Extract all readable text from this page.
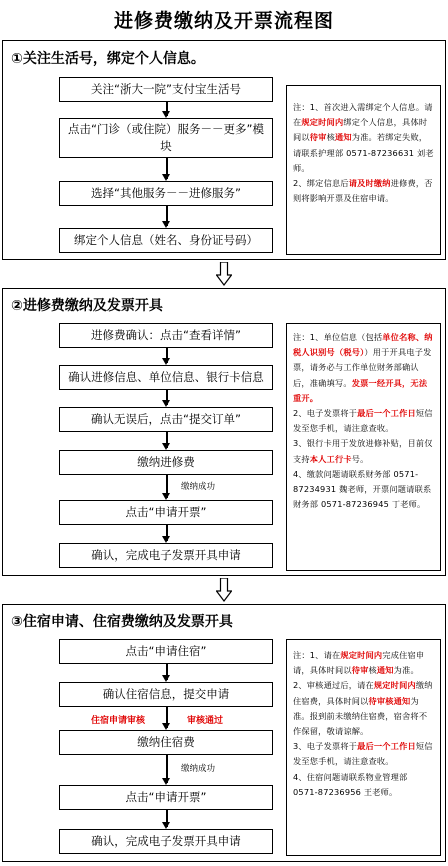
进修费缴纳及开票流程图
①关注生活号，绑定个人信息。
关注“浙大一院”支付宝生活号
点击“门诊（或住院）服务－－更多”模块
选择“其他服务－－进修服务”
绑定个人信息（姓名、身份证号码）

注：1、首次进入需绑定个人信息。请在规定时间内绑定个人信息，具体时间以待审核通知为准。若绑定失败，请联系护理部 0571-87236631 刘老师。

2、绑定信息后请及时缴纳进修费，否则将影响开票及住宿申请。

②进修费缴纳及发票开具
进修费确认：点击“查看详情”
确认进修信息、单位信息、银行卡信息
确认无误后，点击“提交订单”
缴纳进修费
缴纳成功
点击“申请开票”
确认，完成电子发票开具申请

注：1、单位信息（包括单位名称、纳税人识别号（税号））用于开具电子发票，请务必与工作单位财务部确认后，准确填写。发票一经开具，无法重开。

2、电子发票将于最后一个工作日短信发至您手机，请注意查收。

3、银行卡用于发放进修补贴，目前仅支持本人工行卡号。

4、缴款问题请联系财务部 0571-87234931 魏老师，开票问题请联系财务部 0571-87236945 丁老师。

③住宿申请、住宿费缴纳及发票开具
点击“申请住宿”
确认住宿信息，提交申请
住宿申请审核	审核通过
缴纳住宿费
缴纳成功
点击“申请开票”
确认，完成电子发票开具申请

注：1、请在规定时间内完成住宿申请，具体时间以待审核通知为准。

2、审核通过后，请在规定时间内缴纳住宿费，具体时间以待审核通知为准。报到前未缴纳住宿费，宿舍将不作保留，敬请谅解。

3、电子发票将于最后一个工作日短信发至您手机，请注意查收。

4、住宿问题请联系物业管理部 0571-87236956 王老师。
